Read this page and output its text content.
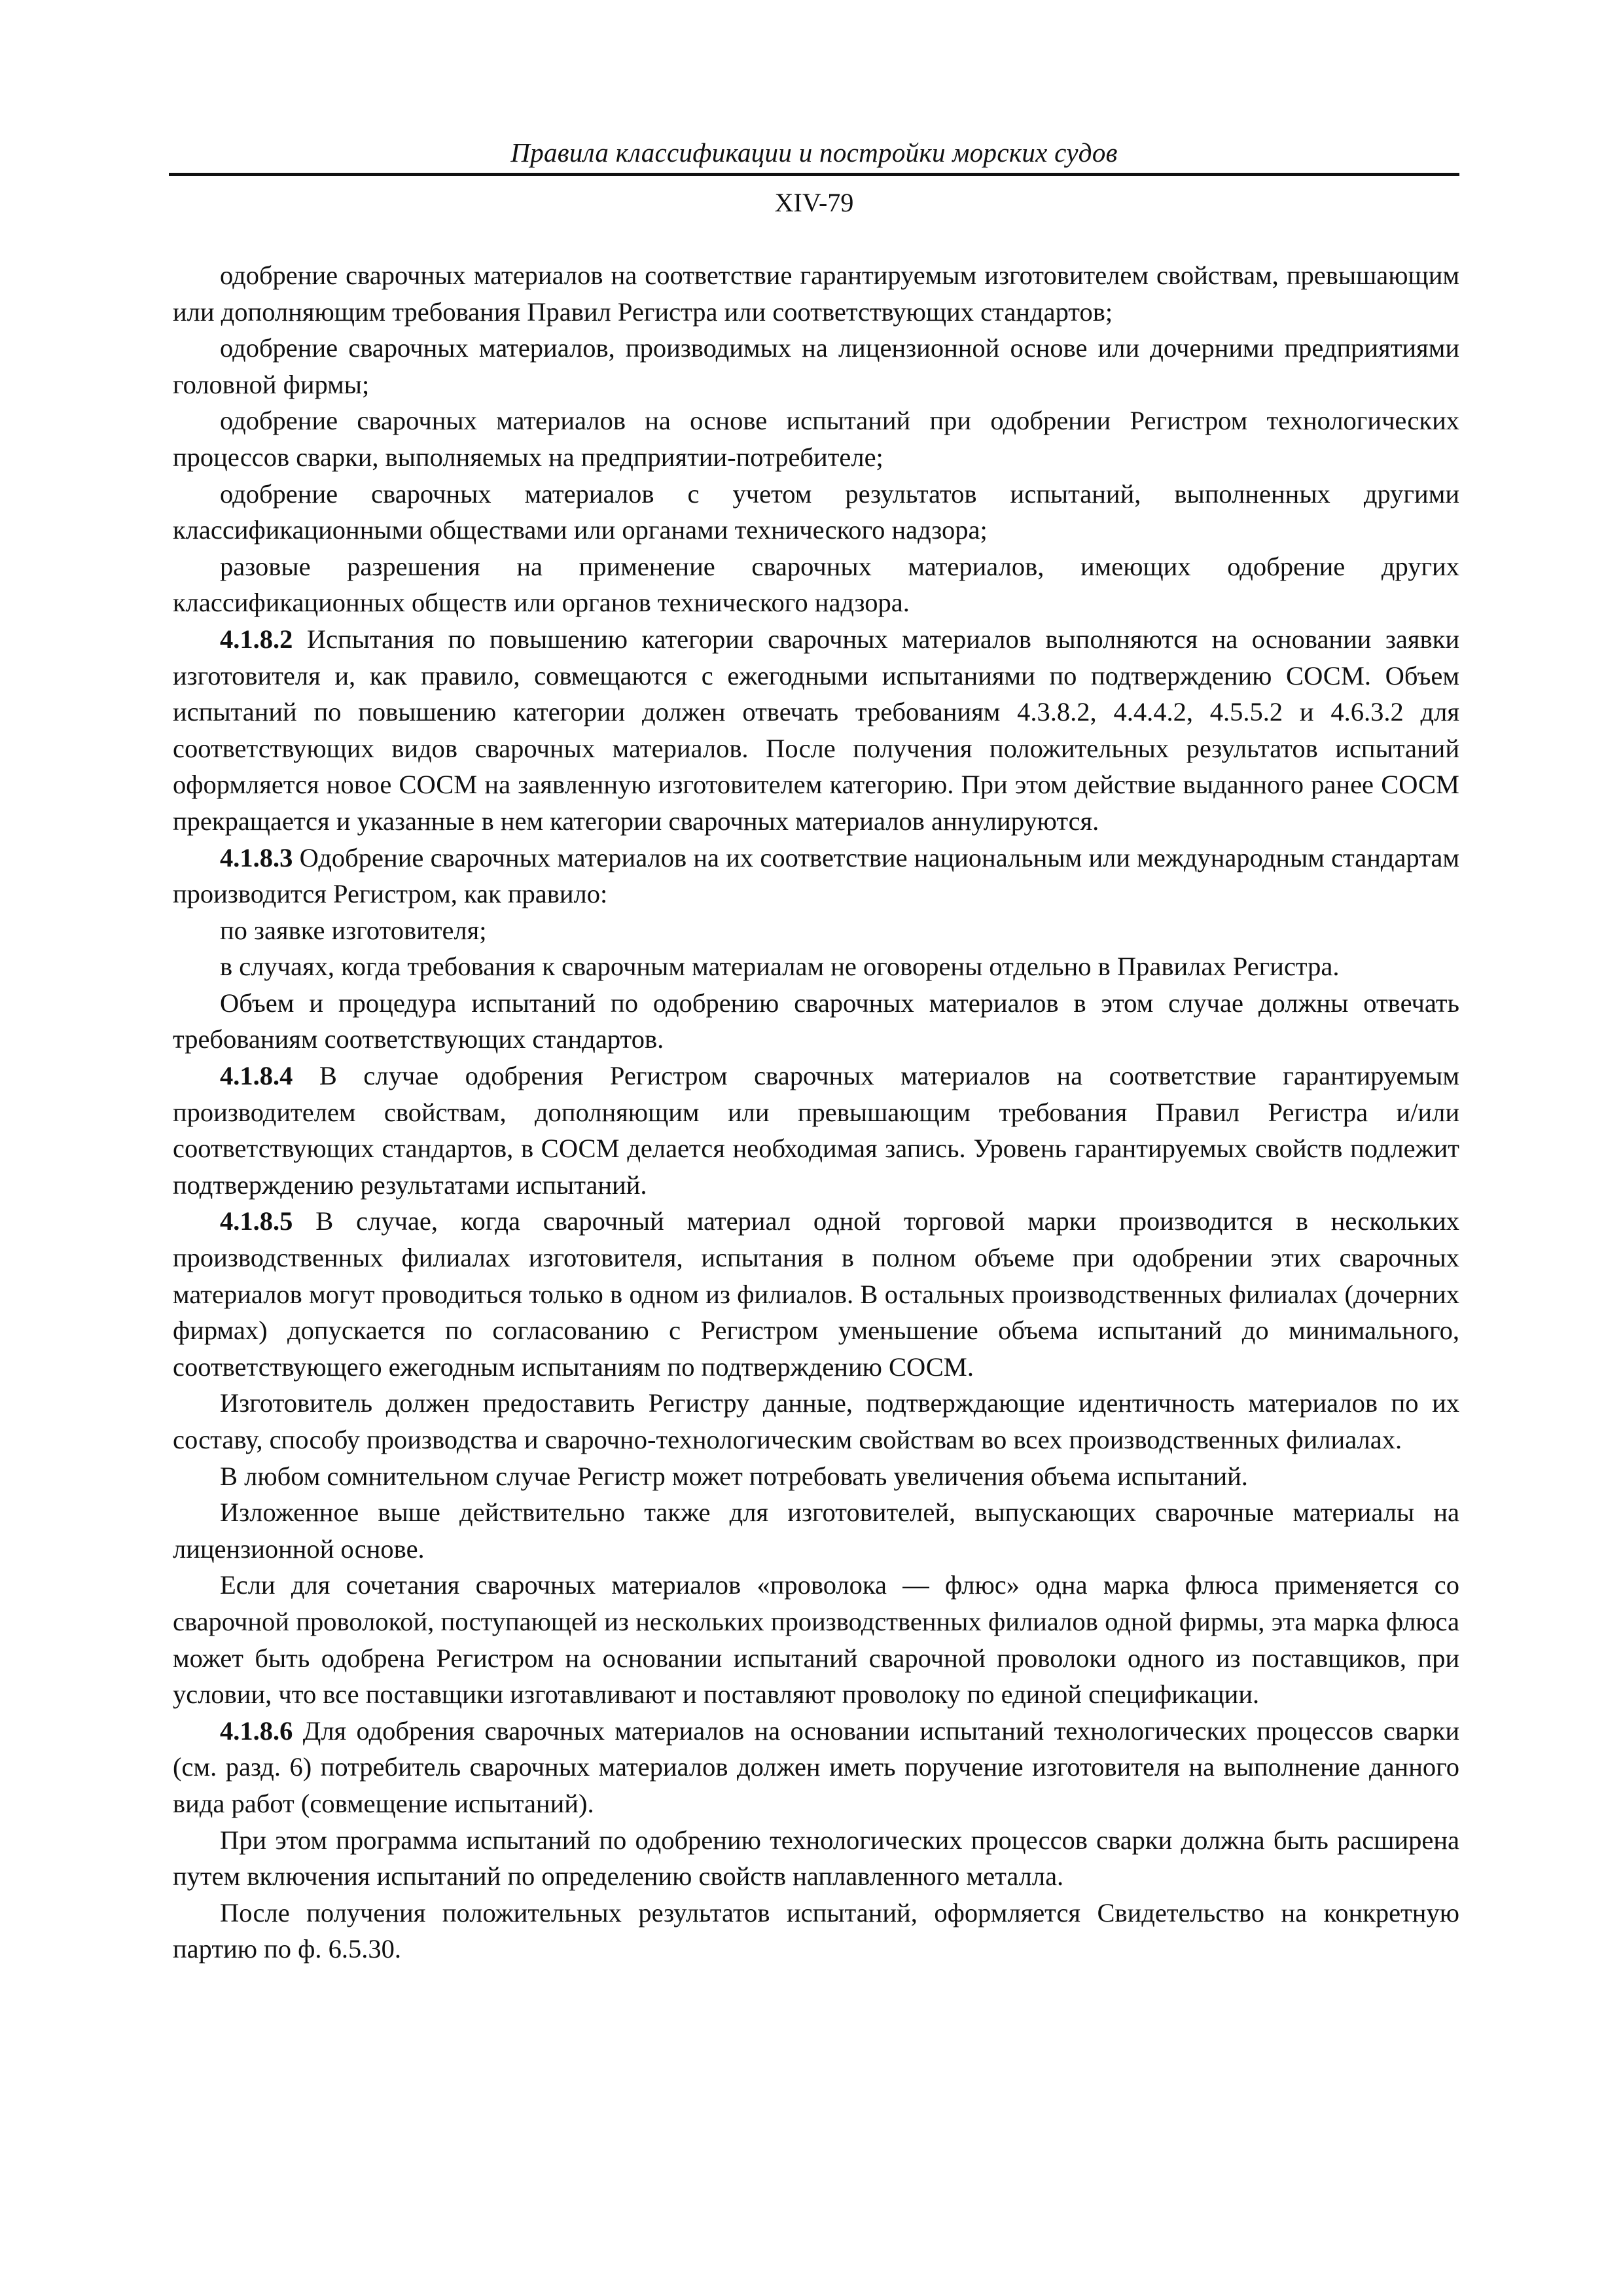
Правила классификации и постройки морских судов
XIV-79

одобрение сварочных материалов на соответствие гарантируемым изготовителем свойствам, превышающим или дополняющим требования Правил Регистра или соответствующих стандартов;

одобрение сварочных материалов, производимых на лицензионной основе или дочерними предприятиями головной фирмы;

одобрение сварочных материалов на основе испытаний при одобрении Регистром технологических процессов сварки, выполняемых на предприятии-потребителе;

одобрение сварочных материалов с учетом результатов испытаний, выполненных другими классификационными обществами или органами технического надзора;

разовые разрешения на применение сварочных материалов, имеющих одобрение других классификационных обществ или органов технического надзора.

4.1.8.2 Испытания по повышению категории сварочных материалов выполняются на основании заявки изготовителя и, как правило, совмещаются с ежегодными испытаниями по подтверждению СОСМ. Объем испытаний по повышению категории должен отвечать требованиям 4.3.8.2, 4.4.4.2, 4.5.5.2 и 4.6.3.2 для соответствующих видов сварочных материалов. После получения положительных результатов испытаний оформляется новое СОСМ на заявленную изготовителем категорию. При этом действие выданного ранее СОСМ прекращается и указанные в нем категории сварочных материалов аннулируются.

4.1.8.3 Одобрение сварочных материалов на их соответствие национальным или международным стандартам производится Регистром, как правило:

по заявке изготовителя;

в случаях, когда требования к сварочным материалам не оговорены отдельно в Правилах Регистра.

Объем и процедура испытаний по одобрению сварочных материалов в этом случае должны отвечать требованиям соответствующих стандартов.

4.1.8.4 В случае одобрения Регистром сварочных материалов на соответствие гарантируемым производителем свойствам, дополняющим или превышающим требования Правил Регистра и/или соответствующих стандартов, в СОСМ делается необходимая запись. Уровень гарантируемых свойств подлежит подтверждению результатами испытаний.

4.1.8.5 В случае, когда сварочный материал одной торговой марки производится в нескольких производственных филиалах изготовителя, испытания в полном объеме при одобрении этих сварочных материалов могут проводиться только в одном из филиалов. В остальных производственных филиалах (дочерних фирмах) допускается по согласованию с Регистром уменьшение объема испытаний до минимального, соответствующего ежегодным испытаниям по подтверждению СОСМ.

Изготовитель должен предоставить Регистру данные, подтверждающие идентичность материалов по их составу, способу производства и сварочно-технологическим свойствам во всех производственных филиалах.

В любом сомнительном случае Регистр может потребовать увеличения объема испытаний.

Изложенное выше действительно также для изготовителей, выпускающих сварочные материалы на лицензионной основе.

Если для сочетания сварочных материалов «проволока — флюс» одна марка флюса применяется со сварочной проволокой, поступающей из нескольких производственных филиалов одной фирмы, эта марка флюса может быть одобрена Регистром на основании испытаний сварочной проволоки одного из поставщиков, при условии, что все поставщики изготавливают и поставляют проволоку по единой спецификации.

4.1.8.6 Для одобрения сварочных материалов на основании испытаний технологических процессов сварки (см. разд. 6) потребитель сварочных материалов должен иметь поручение изготовителя на выполнение данного вида работ (совмещение испытаний).

При этом программа испытаний по одобрению технологических процессов сварки должна быть расширена путем включения испытаний по определению свойств наплавленного металла.

После получения положительных результатов испытаний, оформляется Свидетельство на конкретную партию по ф. 6.5.30.
